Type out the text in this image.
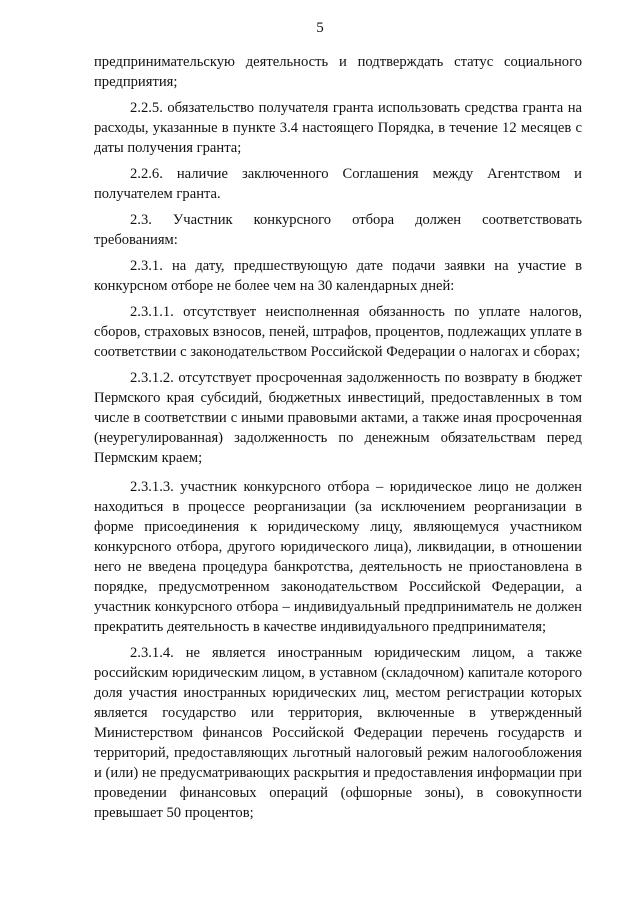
5

предпринимательскую деятельность и подтверждать статус социального предприятия;

2.2.5. обязательство получателя гранта использовать средства гранта на расходы, указанные в пункте 3.4 настоящего Порядка, в течение 12 месяцев с даты получения гранта;

2.2.6. наличие заключенного Соглашения между Агентством и получателем гранта.

2.3. Участник конкурсного отбора должен соответствовать требованиям:

2.3.1. на дату, предшествующую дате подачи заявки на участие в конкурсном отборе не более чем на 30 календарных дней:

2.3.1.1. отсутствует неисполненная обязанность по уплате налогов, сборов, страховых взносов, пеней, штрафов, процентов, подлежащих уплате в соответствии с законодательством Российской Федерации о налогах и сборах;

2.3.1.2. отсутствует просроченная задолженность по возврату в бюджет Пермского края субсидий, бюджетных инвестиций, предоставленных в том числе в соответствии с иными правовыми актами, а также иная просроченная (неурегулированная) задолженность по денежным обязательствам перед Пермским краем;

2.3.1.3. участник конкурсного отбора – юридическое лицо не должен находиться в процессе реорганизации (за исключением реорганизации в форме присоединения к юридическому лицу, являющемуся участником конкурсного отбора, другого юридического лица), ликвидации, в отношении него не введена процедура банкротства, деятельность не приостановлена в порядке, предусмотренном законодательством Российской Федерации, а участник конкурсного отбора – индивидуальный предприниматель не должен прекратить деятельность в качестве индивидуального предпринимателя;

2.3.1.4. не является иностранным юридическим лицом, а также российским юридическим лицом, в уставном (складочном) капитале которого доля участия иностранных юридических лиц, местом регистрации которых является государство или территория, включенные в утвержденный Министерством финансов Российской Федерации перечень государств и территорий, предоставляющих льготный налоговый режим налогообложения и (или) не предусматривающих раскрытия и предоставления информации при проведении финансовых операций (офшорные зоны), в совокупности превышает 50 процентов;
